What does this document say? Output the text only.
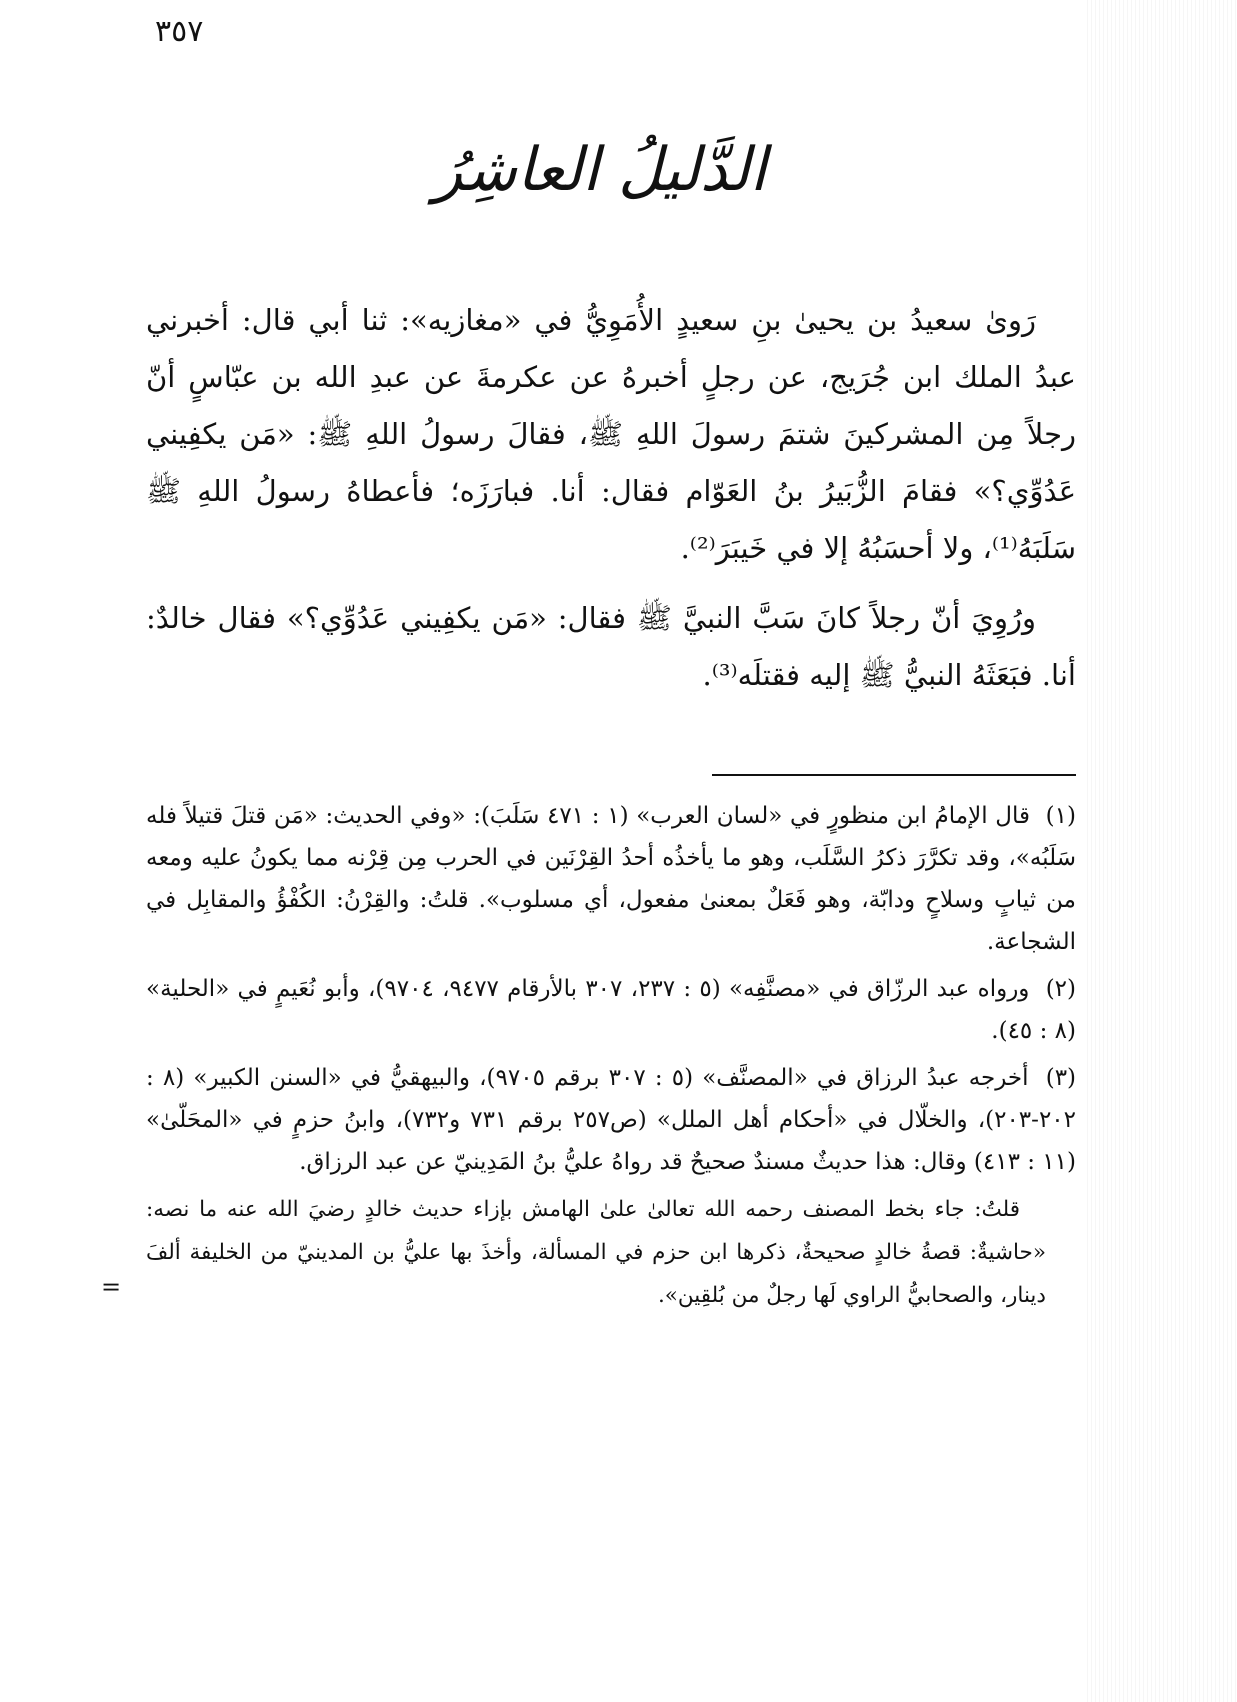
٣٥٧
الدَّليلُ العاشِرُ

رَوىٰ سعيدُ بن يحيىٰ بنِ سعيدٍ الأُمَوِيُّ في «مغازيه»: ثنا أبي قال: أخبرني عبدُ الملك ابن جُرَيج، عن رجلٍ أخبرهُ عن عكرمةَ عن عبدِ الله بن عبّاسٍ أنّ رجلاً مِن المشركينَ شتمَ رسولَ اللهِ ﷺ، فقالَ رسولُ اللهِ ﷺ: «مَن يكفِيني عَدُوِّي؟» فقامَ الزُّبَيرُ بنُ العَوّام فقال: أنا. فبارَزَه؛ فأعطاهُ رسولُ اللهِ ﷺ سَلَبَهُ⁽¹⁾، ولا أحسَبُهُ إلا في خَيبَرَ⁽²⁾.

ورُوِيَ أنّ رجلاً كانَ سَبَّ النبيَّ ﷺ فقال: «مَن يكفِيني عَدُوِّي؟» فقال خالدٌ: أنا. فبَعَثَهُ النبيُّ ﷺ إليه فقتلَه⁽³⁾.

(١) قال الإمامُ ابن منظورٍ في «لسان العرب» (١ : ٤٧١ سَلَبَ): «وفي الحديث: «مَن قتلَ قتيلاً فله سَلَبُه»، وقد تكرَّرَ ذكرُ السَّلَب، وهو ما يأخذُه أحدُ القِرْنَين في الحرب مِن قِرْنه مما يكونُ عليه ومعه من ثيابٍ وسلاحٍ ودابّة، وهو فَعَلٌ بمعنىٰ مفعول، أي مسلوب». قلتُ: والقِرْنُ: الكُفْؤُ والمقابِل في الشجاعة.
(٢) ورواه عبد الرزّاق في «مصنَّفِه» (٥ : ٢٣٧، ٣٠٧ بالأرقام ٩٤٧٧، ٩٧٠٤)، وأبو نُعَيمٍ في «الحلية» (٨ : ٤٥).
(٣) أخرجه عبدُ الرزاق في «المصنَّف» (٥ : ٣٠٧ برقم ٩٧٠٥)، والبيهقيُّ في «السنن الكبير» (٨ : ٢٠٢-٢٠٣)، والخلّال في «أحكام أهل الملل» (ص٢٥٧ برقم ٧٣١ و٧٣٢)، وابنُ حزمٍ في «المحَلّىٰ» (١١ : ٤١٣) وقال: هذا حديثٌ مسندٌ صحيحٌ قد رواهُ عليُّ بنُ المَدِينيّ عن عبد الرزاق.
قلتُ: جاء بخط المصنف رحمه الله تعالىٰ علىٰ الهامش بإزاء حديث خالدٍ رضيَ الله عنه ما نصه: «حاشيةٌ: قصةُ خالدٍ صحيحةٌ، ذكرها ابن حزم في المسألة، وأخذَ بها عليُّ بن المدينيّ من الخليفة ألفَ دينار، والصحابيُّ الراوي لَها رجلٌ من بُلقِين».
=
